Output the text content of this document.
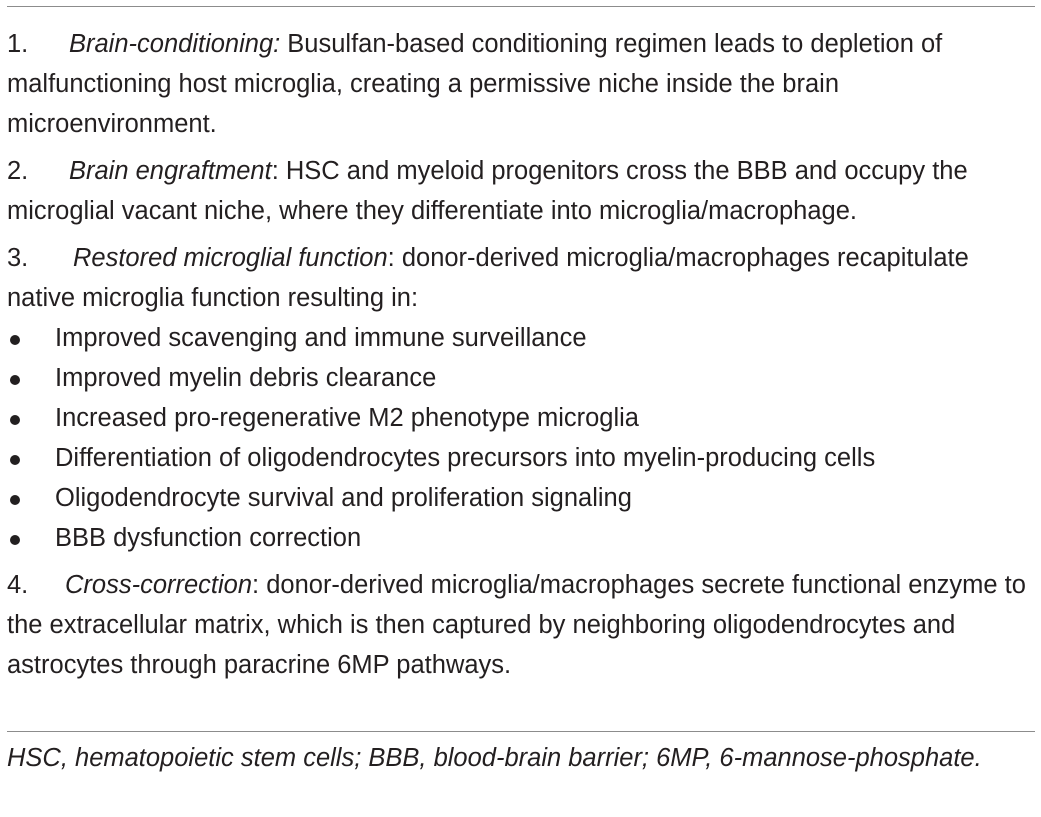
1. Brain-conditioning: Busulfan-based conditioning regimen leads to depletion of malfunctioning host microglia, creating a permissive niche inside the brain microenvironment.
2. Brain engraftment: HSC and myeloid progenitors cross the BBB and occupy the microglial vacant niche, where they differentiate into microglia/macrophage.
3. Restored microglial function: donor-derived microglia/macrophages recapitulate native microglia function resulting in:
Improved scavenging and immune surveillance
Improved myelin debris clearance
Increased pro-regenerative M2 phenotype microglia
Differentiation of oligodendrocytes precursors into myelin-producing cells
Oligodendrocyte survival and proliferation signaling
BBB dysfunction correction
4. Cross-correction: donor-derived microglia/macrophages secrete functional enzyme to the extracellular matrix, which is then captured by neighboring oligodendrocytes and astrocytes through paracrine 6MP pathways.
HSC, hematopoietic stem cells; BBB, blood-brain barrier; 6MP, 6-mannose-phosphate.
